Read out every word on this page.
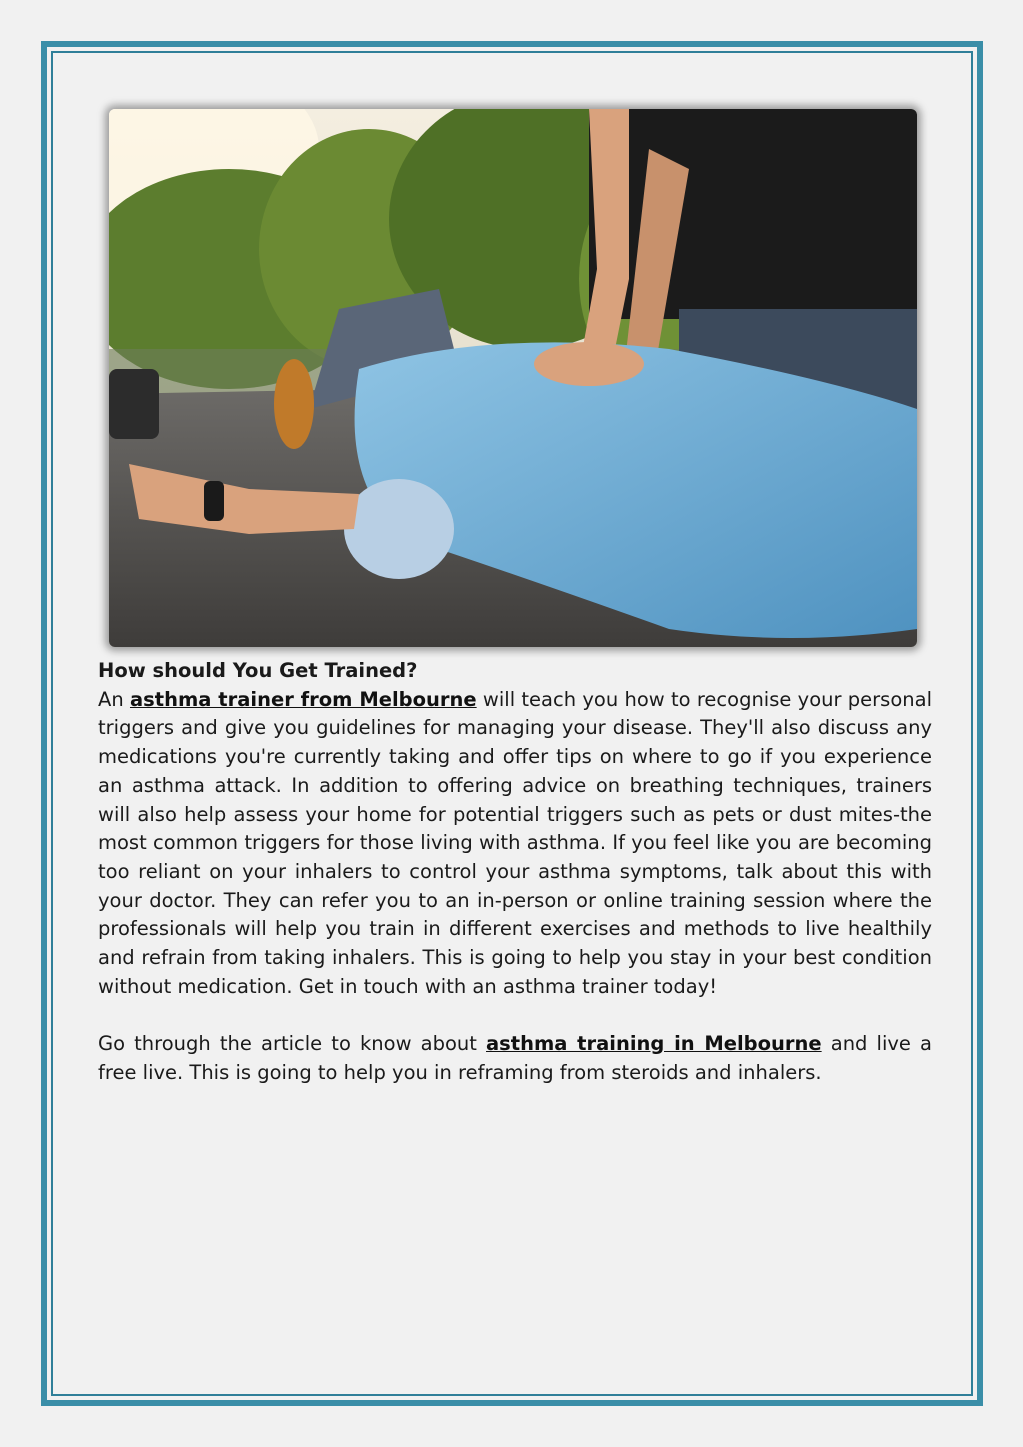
How should You Get Trained?

An asthma trainer from Melbourne will teach you how to recognise your personal triggers and give you guidelines for managing your disease. They'll also discuss any medications you're currently taking and offer tips on where to go if you experience an asthma attack. In addition to offering advice on breathing techniques, trainers will also help assess your home for potential triggers such as pets or dust mites-the most common triggers for those living with asthma. If you feel like you are becoming too reliant on your inhalers to control your asthma symptoms, talk about this with your doctor. They can refer you to an in-person or online training session where the professionals will help you train in different exercises and methods to live healthily and refrain from taking inhalers. This is going to help you stay in your best condition without medication. Get in touch with an asthma trainer today!

Go through the article to know about asthma training in Melbourne and live a free live. This is going to help you in reframing from steroids and inhalers.
